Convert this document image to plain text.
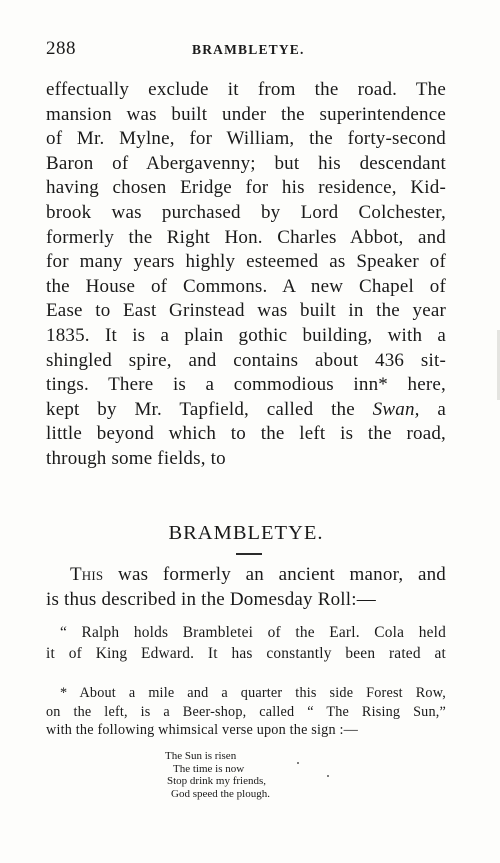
288	BRAMBLETYE.
effectually exclude it from the road. The
mansion was built under the superintendence
of Mr. Mylne, for William, the forty-second
Baron of Abergavenny; but his descendant
having chosen Eridge for his residence, Kid-
brook was purchased by Lord Colchester,
formerly the Right Hon. Charles Abbot, and
for many years highly esteemed as Speaker of
the House of Commons. A new Chapel of
Ease to East Grinstead was built in the year
1835. It is a plain gothic building, with a
shingled spire, and contains about 436 sit-
tings. There is a commodious inn* here,
kept by Mr. Tapfield, called the Swan, a
little beyond which to the left is the road,
through some fields, to
BRAMBLETYE.
This was formerly an ancient manor, and
is thus described in the Domesday Roll:—
“ Ralph holds Brambletei of the Earl. Cola held
it of King Edward. It has constantly been rated at
* About a mile and a quarter this side Forest Row,
on the left, is a Beer-shop, called “ The Rising Sun,”
with the following whimsical verse upon the sign :—
The Sun is risen
The time is now
Stop drink my friends,
God speed the plough.
